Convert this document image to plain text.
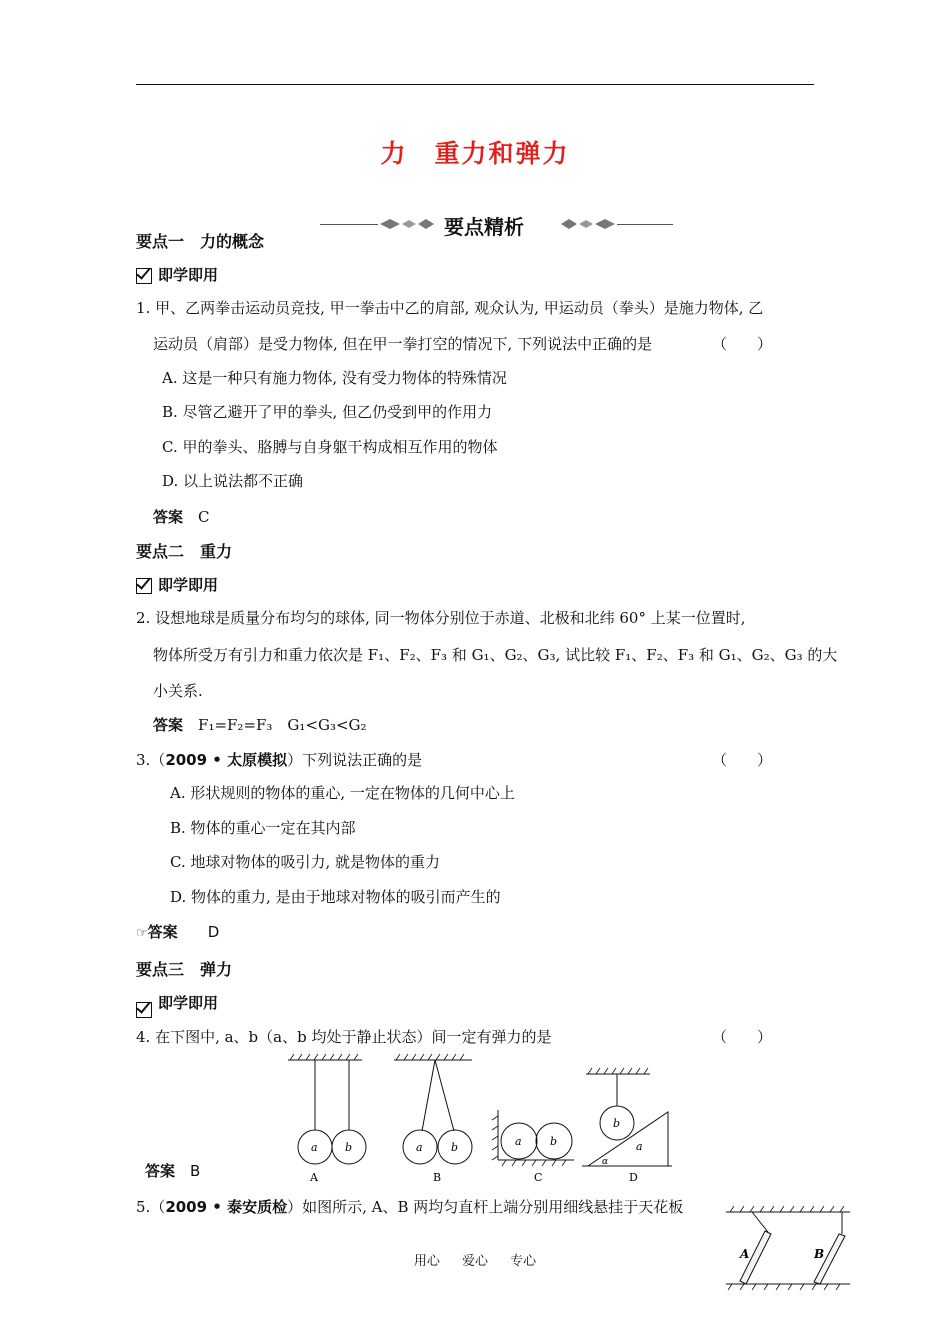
力　重力和弹力
要点精析
要点一　力的概念
即学即用
1. 甲、乙两拳击运动员竞技, 甲一拳击中乙的肩部, 观众认为, 甲运动员（拳头）是施力物体, 乙
运动员（肩部）是受力物体, 但在甲一拳打空的情况下, 下列说法中正确的是	（　　）
A. 这是一种只有施力物体, 没有受力物体的特殊情况
B. 尽管乙避开了甲的拳头, 但乙仍受到甲的作用力
C. 甲的拳头、胳膊与自身躯干构成相互作用的物体
D. 以上说法都不正确
答案　 C
要点二　重力
即学即用
2. 设想地球是质量分布均匀的球体, 同一物体分别位于赤道、北极和北纬 60° 上某一位置时,
物体所受万有引力和重力依次是 F₁、F₂、F₃ 和 G₁、G₂、G₃, 试比较 F₁、F₂、F₃ 和 G₁、G₂、G₃ 的大
小关系.
答案　 F₁=F₂=F₃　G₁<G₃<G₂
3.（2009 • 太原模拟）下列说法正确的是	（　　）
A. 形状规则的物体的重心, 一定在物体的几何中心上
B. 物体的重心一定在其内部
C. 地球对物体的吸引力, 就是物体的重力
D. 物体的重力, 是由于地球对物体的吸引而产生的
☞答案　　 D
要点三　弹力
即学即用
4. 在下图中, a、b（a、b 均处于静止状态）间一定有弹力的是	（　　）
a b
A
a	b
B
a	b
C
b
a
α
D
答案　 B
5.（2009 • 泰安质检）如图所示, A、B 两均匀直杆上端分别用细线悬挂于天花板
A	B
用心 爱心 专心
